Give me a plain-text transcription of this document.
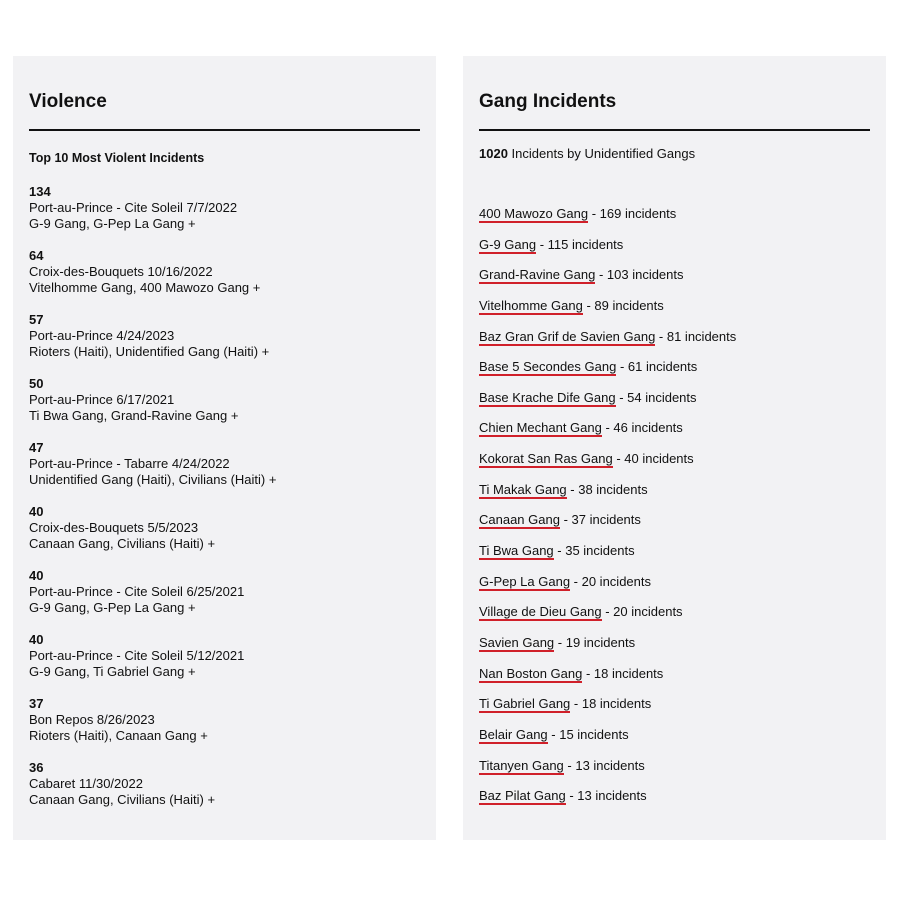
Violence
Top 10 Most Violent Incidents
134
Port-au-Prince - Cite Soleil 7/7/2022
G-9 Gang, G-Pep La Gang +
64
Croix-des-Bouquets 10/16/2022
Vitelhomme Gang, 400 Mawozo Gang +
57
Port-au-Prince 4/24/2023
Rioters (Haiti), Unidentified Gang (Haiti) +
50
Port-au-Prince 6/17/2021
Ti Bwa Gang, Grand-Ravine Gang +
47
Port-au-Prince - Tabarre 4/24/2022
Unidentified Gang (Haiti), Civilians (Haiti) +
40
Croix-des-Bouquets 5/5/2023
Canaan Gang, Civilians (Haiti) +
40
Port-au-Prince - Cite Soleil 6/25/2021
G-9 Gang, G-Pep La Gang +
40
Port-au-Prince - Cite Soleil 5/12/2021
G-9 Gang, Ti Gabriel Gang +
37
Bon Repos 8/26/2023
Rioters (Haiti), Canaan Gang +
36
Cabaret 11/30/2022
Canaan Gang, Civilians (Haiti) +
Gang Incidents
1020 Incidents by Unidentified Gangs
400 Mawozo Gang - 169 incidents
G-9 Gang - 115 incidents
Grand-Ravine Gang - 103 incidents
Vitelhomme Gang - 89 incidents
Baz Gran Grif de Savien Gang - 81 incidents
Base 5 Secondes Gang - 61 incidents
Base Krache Dife Gang - 54 incidents
Chien Mechant Gang - 46 incidents
Kokorat San Ras Gang - 40 incidents
Ti Makak Gang - 38 incidents
Canaan Gang - 37 incidents
Ti Bwa Gang - 35 incidents
G-Pep La Gang - 20 incidents
Village de Dieu Gang - 20 incidents
Savien Gang - 19 incidents
Nan Boston Gang - 18 incidents
Ti Gabriel Gang - 18 incidents
Belair Gang - 15 incidents
Titanyen Gang - 13 incidents
Baz Pilat Gang - 13 incidents
